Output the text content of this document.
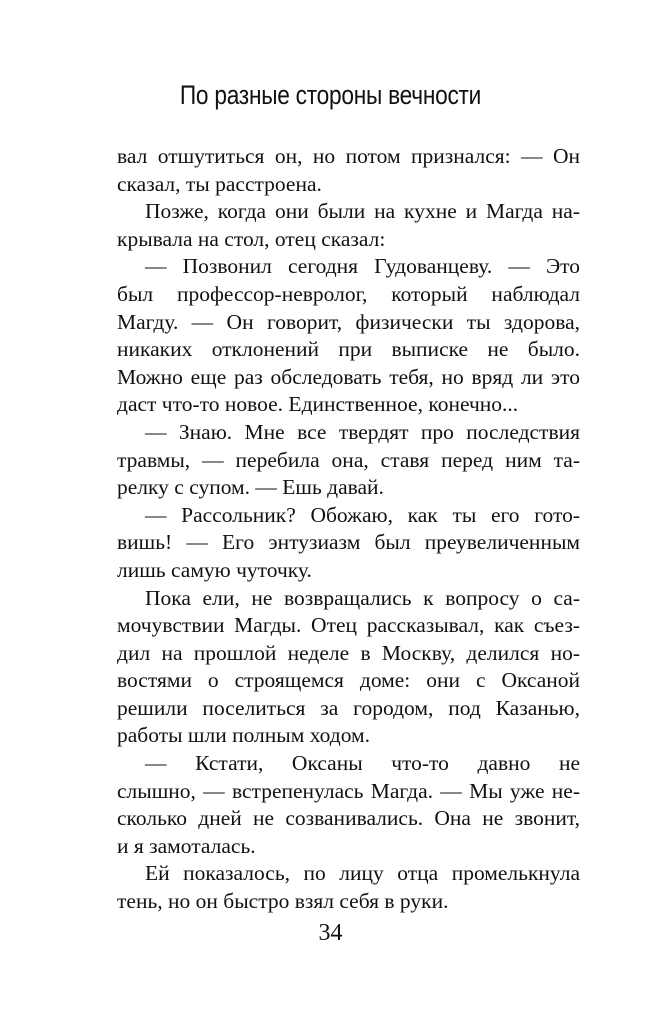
По разные стороны вечности
вал отшутиться он, но потом признался: — Он
сказал, ты расстроена.
Позже, когда они были на кухне и Магда на-
крывала на стол, отец сказал:
— Позвонил сегодня Гудованцеву. — Это
был профессор-невролог, который наблюдал
Магду. — Он говорит, физически ты здорова,
никаких отклонений при выписке не было.
Можно еще раз обследовать тебя, но вряд ли это
даст что-то новое. Единственное, конечно...
— Знаю. Мне все твердят про последствия
травмы, — перебила она, ставя перед ним та-
релку с супом. — Ешь давай.
— Рассольник? Обожаю, как ты его гото-
вишь! — Его энтузиазм был преувеличенным
лишь самую чуточку.
Пока ели, не возвращались к вопросу о са-
мочувствии Магды. Отец рассказывал, как съез-
дил на прошлой неделе в Москву, делился но-
востями о строящемся доме: они с Оксаной
решили поселиться за городом, под Казанью,
работы шли полным ходом.
— Кстати, Оксаны что-то давно не
слышно, — встрепенулась Магда. — Мы уже не-
сколько дней не созванивались. Она не звонит,
и я замоталась.
Ей показалось, по лицу отца промелькнула
тень, но он быстро взял себя в руки.
34
